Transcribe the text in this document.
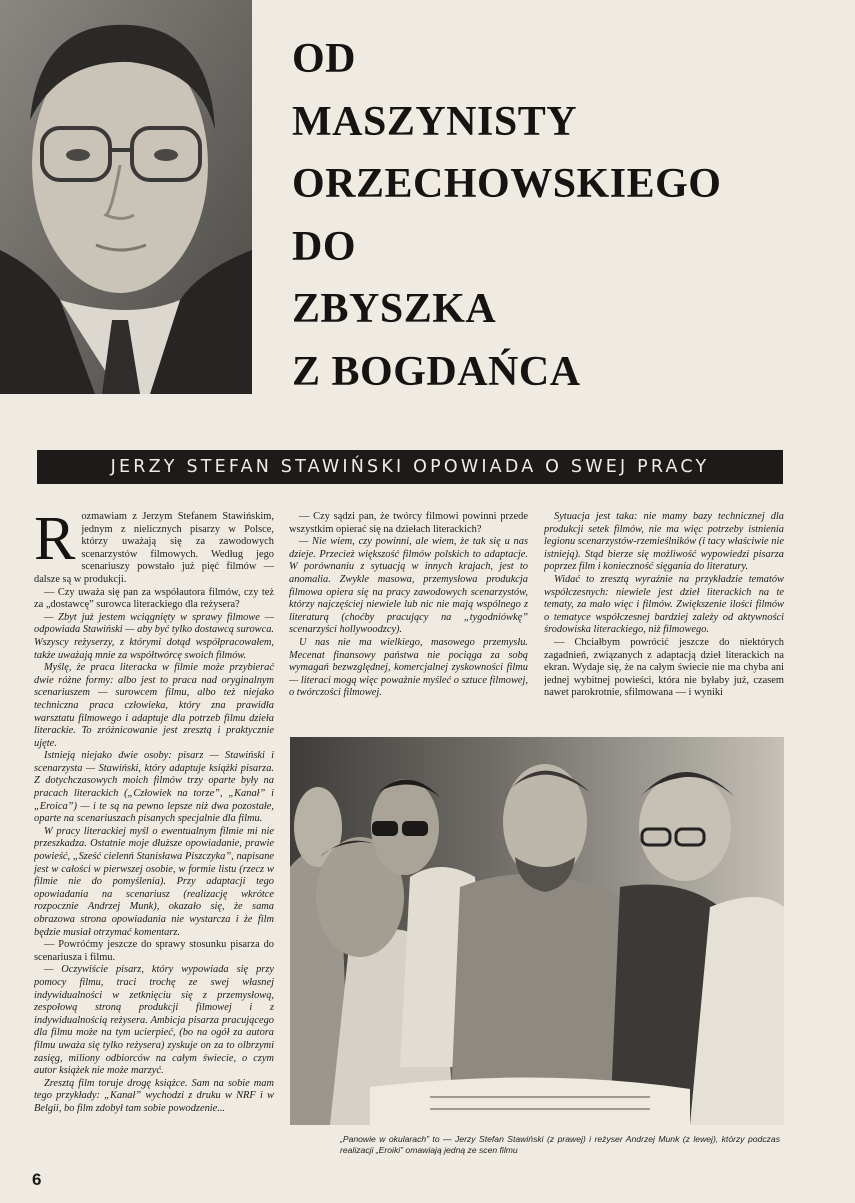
OD
MASZYNISTY
ORZECHOWSKIEGO
DO
ZBYSZKA
Z BOGDAŃCA
JERZY STEFAN STAWIŃSKI OPOWIADA O SWEJ PRACY

Rozmawiam z Jerzym Stefanem Stawińskim, jednym z nielicznych pisarzy w Polsce, którzy uważają się za zawodowych scenarzystów filmowych. Według jego scenariuszy powstało już pięć filmów — dalsze są w produkcji.

— Czy uważa się pan za współautora filmów, czy też za „dostawcę” surowca literackiego dla reżysera?

— Zbyt już jestem wciągnięty w sprawy filmowe — odpowiada Stawiński — aby być tylko dostawcą surowca. Wszyscy reżyserzy, z którymi dotąd współpracowałem, także uważają mnie za współtwórcę swoich filmów.

Myślę, że praca literacka w filmie może przybierać dwie różne formy: albo jest to praca nad oryginalnym scenariuszem — surowcem filmu, albo też niejako techniczna praca człowieka, który zna prawidła warsztatu filmowego i adaptuje dla potrzeb filmu dzieła literackie. To zróżnicowanie jest zresztą i praktycznie ujęte.

Istnieją niejako dwie osoby: pisarz — Stawiński i scenarzysta — Stawiński, który adaptuje książki pisarza. Z dotychczasowych moich filmów trzy oparte były na pracach literackich („Człowiek na torze”, „Kanał” i „Eroica”) — i te są na pewno lepsze niż dwa pozostałe, oparte na scenariuszach pisanych specjalnie dla filmu.

W pracy literackiej myśl o ewentualnym filmie mi nie przeszkadza. Ostatnie moje dłuższe opowiadanie, prawie powieść, „Sześć cielenń Stanisława Piszczyka”, napisane jest w całości w pierwszej osobie, w formie listu (rzecz w filmie nie do pomyślenia). Przy adaptacji tego opowiadania na scenariusz (realizację wkrótce rozpocznie Andrzej Munk), okazało się, że sama obrazowa strona opowiadania nie wystarcza i że film będzie musiał otrzymać komentarz.

— Powróćmy jeszcze do sprawy stosunku pisarza do scenariusza i filmu.

— Oczywiście pisarz, który wypowiada się przy pomocy filmu, traci trochę ze swej własnej indywidualności w zetknięciu się z przemysłową, zespołową stroną produkcji filmowej i z indywidualnością reżysera. Ambicja pisarza pracującego dla filmu może na tym ucierpieć, (bo na ogół za autora filmu uważa się tylko reżysera) zyskuje on za to olbrzymi zasięg, miliony odbiorców na całym świecie, o czym autor książek nie może marzyć.

Zresztą film toruje drogę książce. Sam na sobie mam tego przykłady: „Kanał” wychodzi z druku w NRF i w Belgii, bo film zdobył tam sobie powodzenie...

— Czy sądzi pan, że twórcy filmowi powinni przede wszystkim opierać się na dziełach literackich?

— Nie wiem, czy powinni, ale wiem, że tak się u nas dzieje. Przecież większość filmów polskich to adaptacje. W porównaniu z sytuacją w innych krajach, jest to anomalia. Zwykle masowa, przemysłowa produkcja filmowa opiera się na pracy zawodowych scenarzystów, którzy najczęściej niewiele lub nic nie mają wspólnego z literaturą (choćby pracujący na „tygodniówkę” scenarzyści hollywoodzcy).

U nas nie ma wielkiego, masowego przemysłu. Mecenat finansowy państwa nie pociąga za sobą wymagań bezwzględnej, komercjalnej zyskowności filmu — literaci mogą więc poważnie myśleć o sztuce filmowej, o twórczości filmowej.

Sytuacja jest taka: nie mamy bazy technicznej dla produkcji setek filmów, nie ma więc potrzeby istnienia legionu scenarzystów-rzemieślników (i tacy właściwie nie istnieją). Stąd bierze się możliwość wypowiedzi pisarza poprzez film i konieczność sięgania do literatury.

Widać to zresztą wyraźnie na przykładzie tematów współczesnych: niewiele jest dzieł literackich na te tematy, za mało więc i filmów. Zwiększenie ilości filmów o tematyce współczesnej bardziej zależy od aktywności środowiska literackiego, niż filmowego.

— Chciałbym powrócić jeszcze do niektórych zagadnień, związanych z adaptacją dzieł literackich na ekran. Wydaje się, że na całym świecie nie ma chyba ani jednej wybitnej powieści, która nie byłaby już, czasem nawet parokrotnie, sfilmowana — i wyniki

„Panowie w okularach” to — Jerzy Stefan Stawiński (z prawej) i reżyser Andrzej Munk (z lewej), którzy podczas realizacji „Eroiki” omawiają jedną ze scen filmu
6
